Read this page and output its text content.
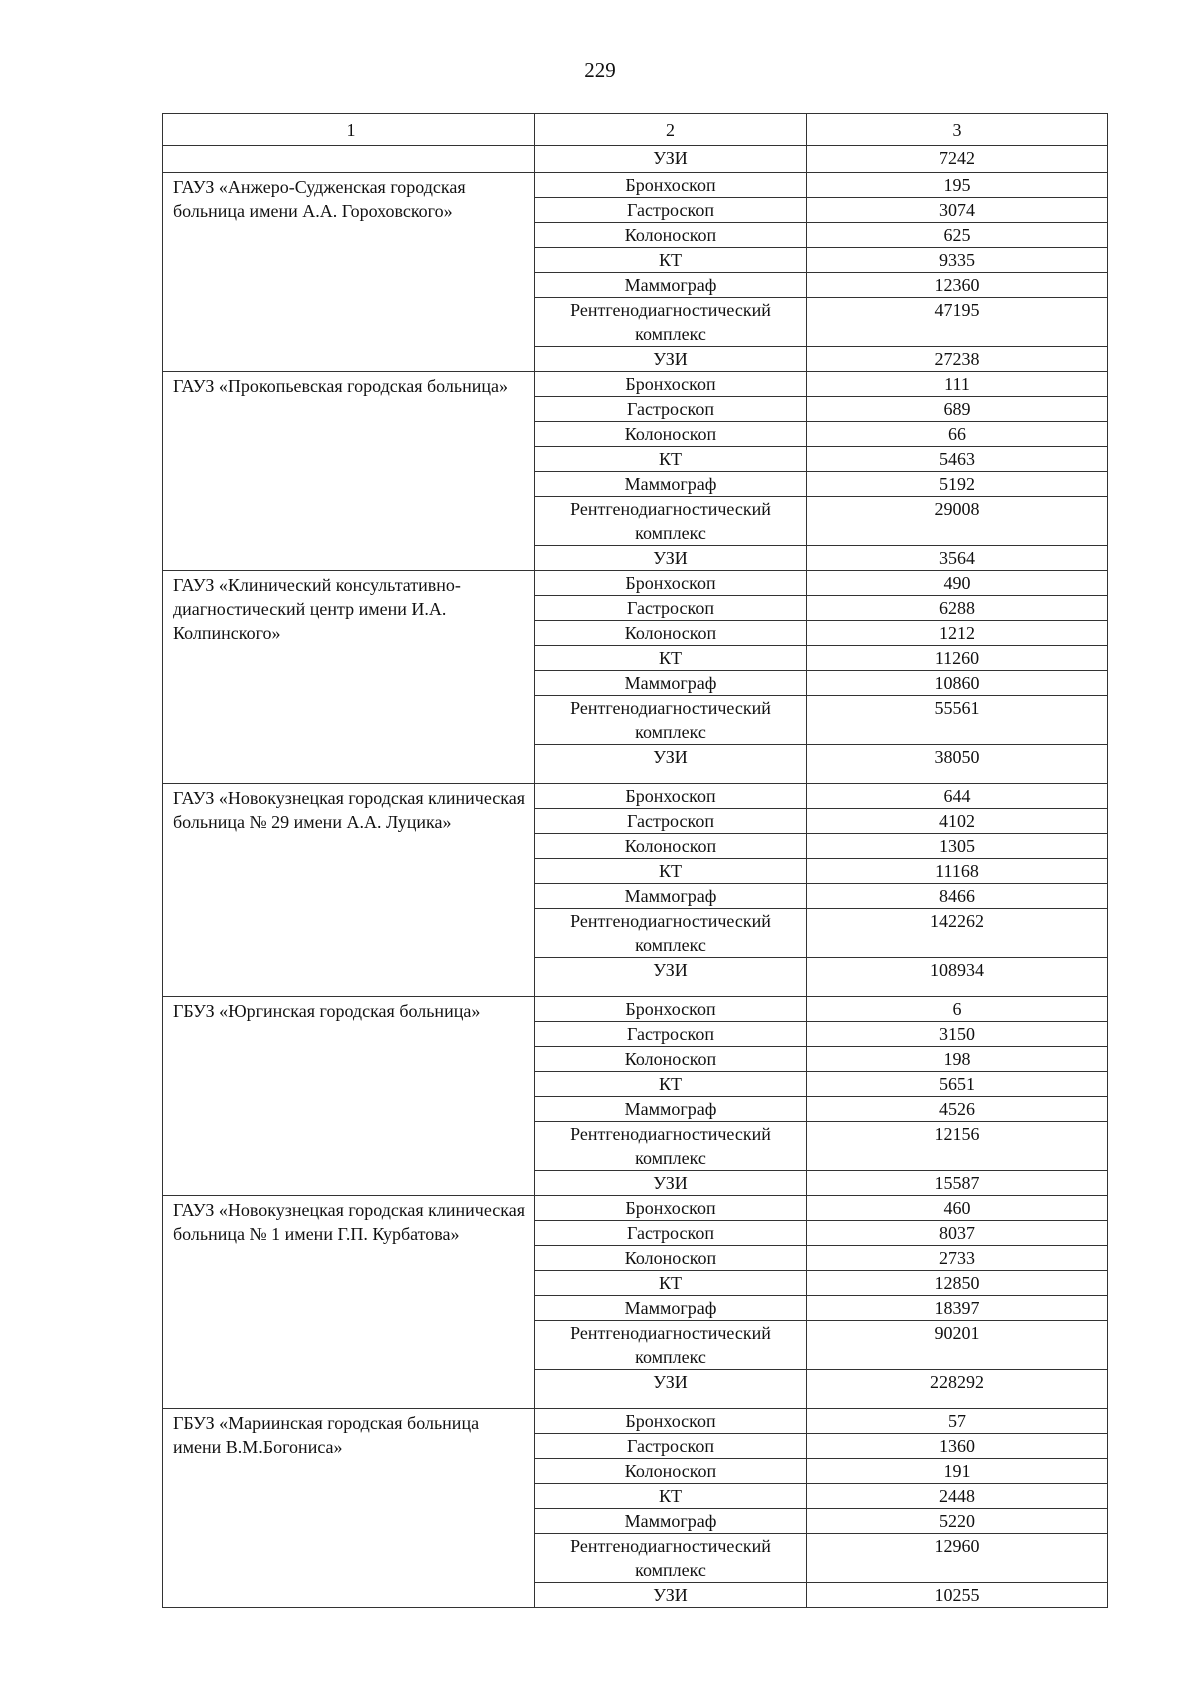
229
1	2	3
	УЗИ	7242
ГАУЗ «Анжеро-Судженская городская больница имени А.А. Гороховского»	Бронхоскоп	195
	Гастроскоп	3074
	Колоноскоп	625
	КТ	9335
	Маммограф	12360
	Рентгенодиагностический комплекс	47195
	УЗИ	27238
ГАУЗ «Прокопьевская городская больница»	Бронхоскоп	111
	Гастроскоп	689
	Колоноскоп	66
	КТ	5463
	Маммограф	5192
	Рентгенодиагностический комплекс	29008
	УЗИ	3564
ГАУЗ «Клинический консультативно-диагностический центр имени И.А. Колпинского»	Бронхоскоп	490
	Гастроскоп	6288
	Колоноскоп	1212
	КТ	11260
	Маммограф	10860
	Рентгенодиагностический комплекс	55561
	УЗИ	38050
ГАУЗ «Новокузнецкая городская клиническая больница № 29 имени А.А. Луцика»	Бронхоскоп	644
	Гастроскоп	4102
	Колоноскоп	1305
	КТ	11168
	Маммограф	8466
	Рентгенодиагностический комплекс	142262
	УЗИ	108934
ГБУЗ «Юргинская городская больница»	Бронхоскоп	6
	Гастроскоп	3150
	Колоноскоп	198
	КТ	5651
	Маммограф	4526
	Рентгенодиагностический комплекс	12156
	УЗИ	15587
ГАУЗ «Новокузнецкая городская клиническая больница № 1 имени Г.П. Курбатова»	Бронхоскоп	460
	Гастроскоп	8037
	Колоноскоп	2733
	КТ	12850
	Маммограф	18397
	Рентгенодиагностический комплекс	90201
	УЗИ	228292
ГБУЗ «Мариинская городская больница имени В.М.Богониса»	Бронхоскоп	57
	Гастроскоп	1360
	Колоноскоп	191
	КТ	2448
	Маммограф	5220
	Рентгенодиагностический комплекс	12960
	УЗИ	10255
